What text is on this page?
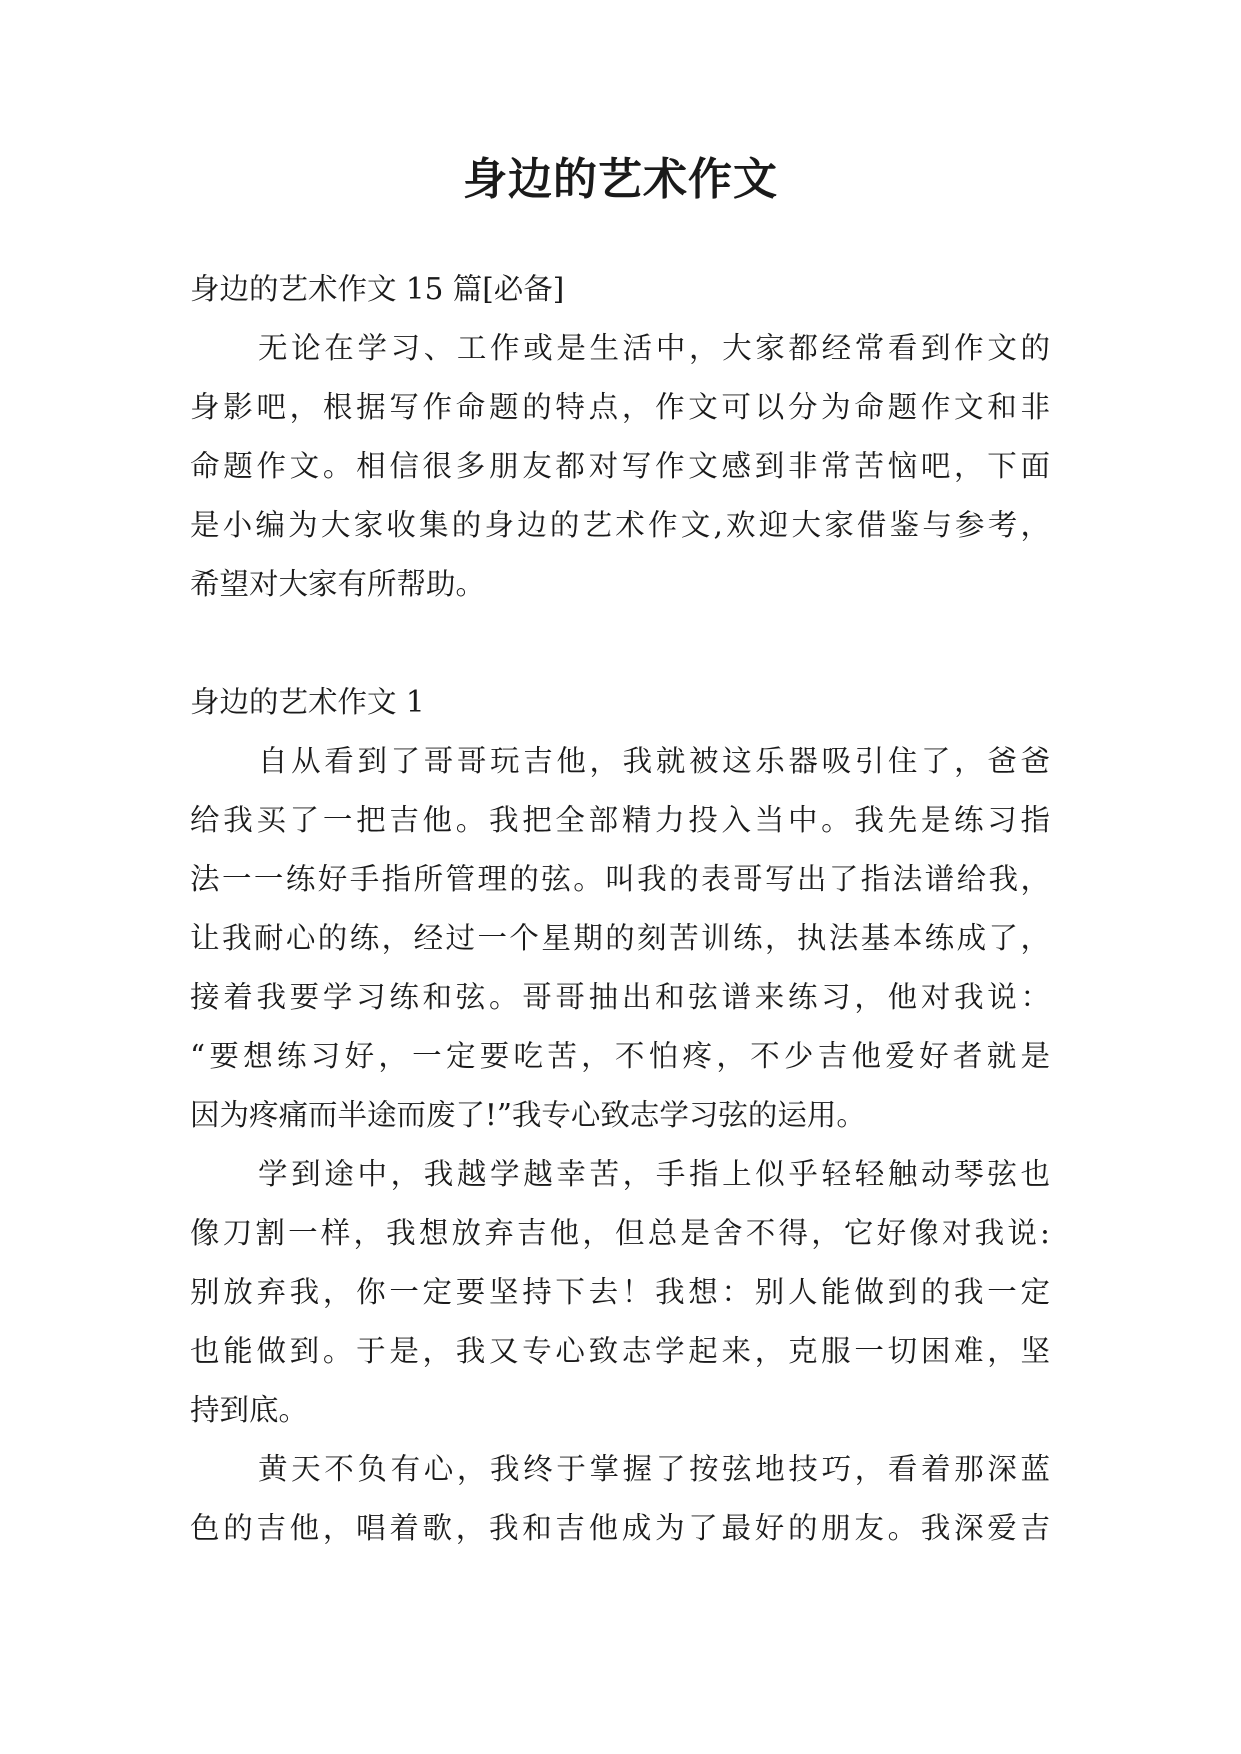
身边的艺术作文
身边的艺术作文 15 篇[必备]
无论在学习、工作或是生活中，大家都经常看到作文的
身影吧，根据写作命题的特点，作文可以分为命题作文和非
命题作文。相信很多朋友都对写作文感到非常苦恼吧，下面
是小编为大家收集的身边的艺术作文,欢迎大家借鉴与参考，
希望对大家有所帮助。
身边的艺术作文 1
自从看到了哥哥玩吉他，我就被这乐器吸引住了，爸爸
给我买了一把吉他。我把全部精力投入当中。我先是练习指
法一一练好手指所管理的弦。叫我的表哥写出了指法谱给我，
让我耐心的练，经过一个星期的刻苦训练，执法基本练成了，
接着我要学习练和弦。哥哥抽出和弦谱来练习，他对我说：
“要想练习好，一定要吃苦，不怕疼，不少吉他爱好者就是
因为疼痛而半途而废了!”我专心致志学习弦的运用。
学到途中，我越学越幸苦，手指上似乎轻轻触动琴弦也
像刀割一样，我想放弃吉他，但总是舍不得，它好像对我说:
别放弃我，你一定要坚持下去！我想：别人能做到的我一定
也能做到。于是，我又专心致志学起来，克服一切困难，坚
持到底。
黄天不负有心，我终于掌握了按弦地技巧，看着那深蓝
色的吉他，唱着歌，我和吉他成为了最好的朋友。我深爱吉
